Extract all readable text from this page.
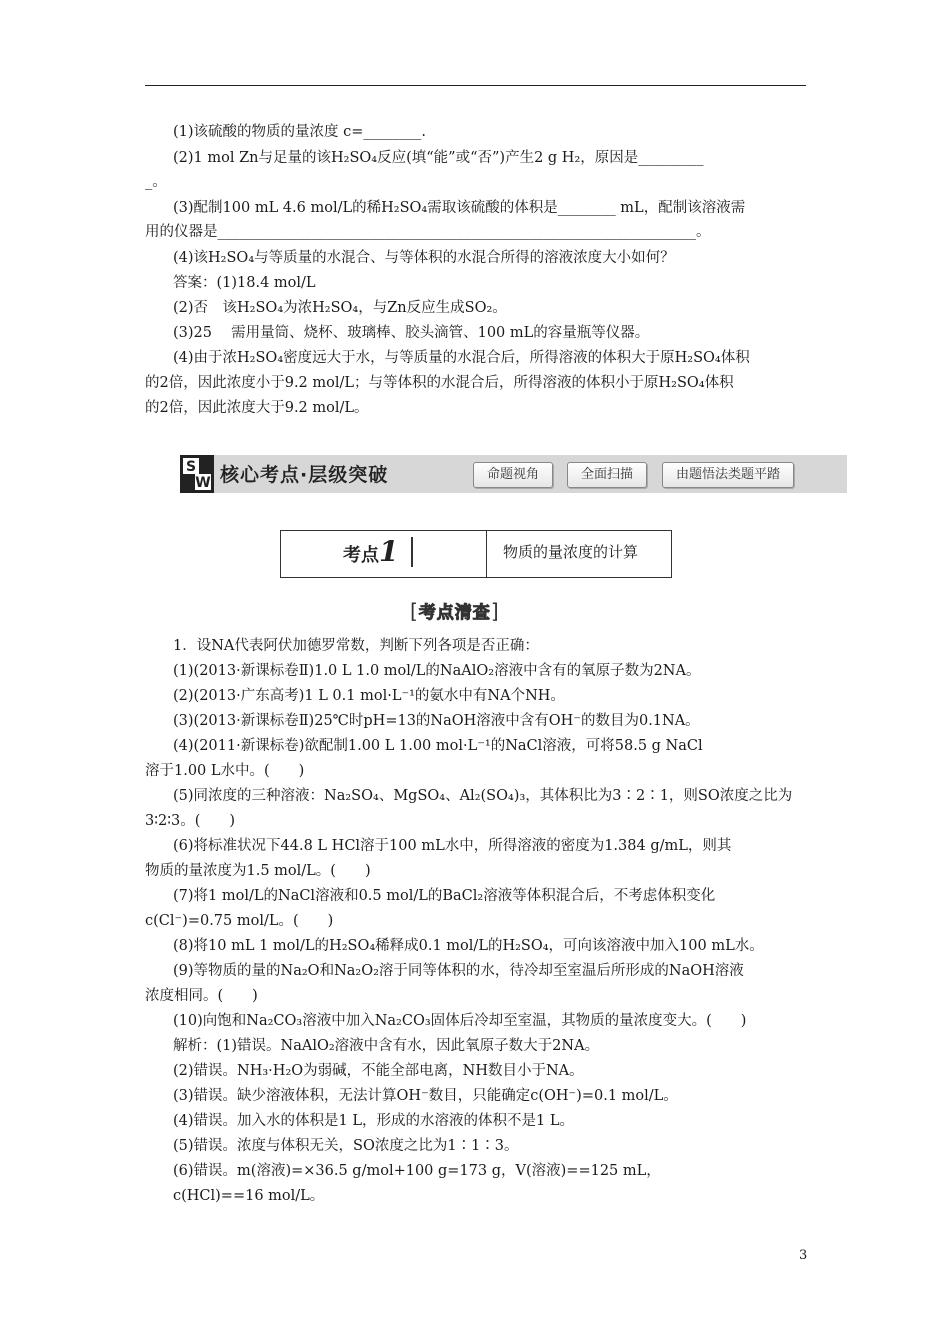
(1)该硫酸的物质的量浓度 c=________.
(2)1 mol Zn与足量的该H₂SO₄反应(填“能”或“否”)产生2 g H₂，原因是_________
_。
(3)配制100 mL 4.6 mol/L的稀H₂SO₄需取该硫酸的体积是________ mL，配制该溶液需
用的仪器是__________________________________________________________________。
(4)该H₂SO₄与等质量的水混合、与等体积的水混合所得的溶液浓度大小如何？
答案：(1)18.4 mol/L
(2)否　该H₂SO₄为浓H₂SO₄，与Zn反应生成SO₂。
(3)25　 需用量筒、烧杯、玻璃棒、胶头滴管、100 mL的容量瓶等仪器。
(4)由于浓H₂SO₄密度远大于水，与等质量的水混合后，所得溶液的体积大于原H₂SO₄体积
的2倍，因此浓度小于9.2 mol/L；与等体积的水混合后，所得溶液的体积小于原H₂SO₄体积
的2倍，因此浓度大于9.2 mol/L。
S
W 核心考点·层级突破	命题视角	全面扫描	由题悟法类题平踏
考点1	物质的量浓度的计算
[考点清查]
1．设NA代表阿伏加德罗常数，判断下列各项是否正确：
(1)(2013·新课标卷Ⅱ)1.0 L 1.0 mol/L的NaAlO₂溶液中含有的氧原子数为2NA。
(2)(2013·广东高考)1 L 0.1 mol·L⁻¹的氨水中有NA个NH。
(3)(2013·新课标卷Ⅱ)25℃时pH=13的NaOH溶液中含有OH⁻的数目为0.1NA。
(4)(2011·新课标卷)欲配制1.00 L 1.00 mol·L⁻¹的NaCl溶液，可将58.5 g NaCl
溶于1.00 L水中。(　　)
(5)同浓度的三种溶液：Na₂SO₄、MgSO₄、Al₂(SO₄)₃，其体积比为3∶2∶1，则SO浓度之比为
3∶2∶3。(　　)
(6)将标准状况下44.8 L HCl溶于100 mL水中，所得溶液的密度为1.384 g/mL，则其
物质的量浓度为1.5 mol/L。(　　)
(7)将1 mol/L的NaCl溶液和0.5 mol/L的BaCl₂溶液等体积混合后，不考虑体积变化
c(Cl⁻)=0.75 mol/L。(　　)
(8)将10 mL 1 mol/L的H₂SO₄稀释成0.1 mol/L的H₂SO₄，可向该溶液中加入100 mL水。
(9)等物质的量的Na₂O和Na₂O₂溶于同等体积的水，待冷却至室温后所形成的NaOH溶液
浓度相同。(　　)
(10)向饱和Na₂CO₃溶液中加入Na₂CO₃固体后冷却至室温，其物质的量浓度变大。(　　)
解析：(1)错误。NaAlO₂溶液中含有水，因此氧原子数大于2NA。
(2)错误。NH₃·H₂O为弱碱，不能全部电离，NH数目小于NA。
(3)错误。缺少溶液体积，无法计算OH⁻数目，只能确定c(OH⁻)=0.1 mol/L。
(4)错误。加入水的体积是1 L，形成的水溶液的体积不是1 L。
(5)错误。浓度与体积无关，SO浓度之比为1∶1∶3。
(6)错误。m(溶液)=×36.5 g/mol+100 g=173 g，V(溶液)==125 mL，
c(HCl)==16 mol/L。
3
